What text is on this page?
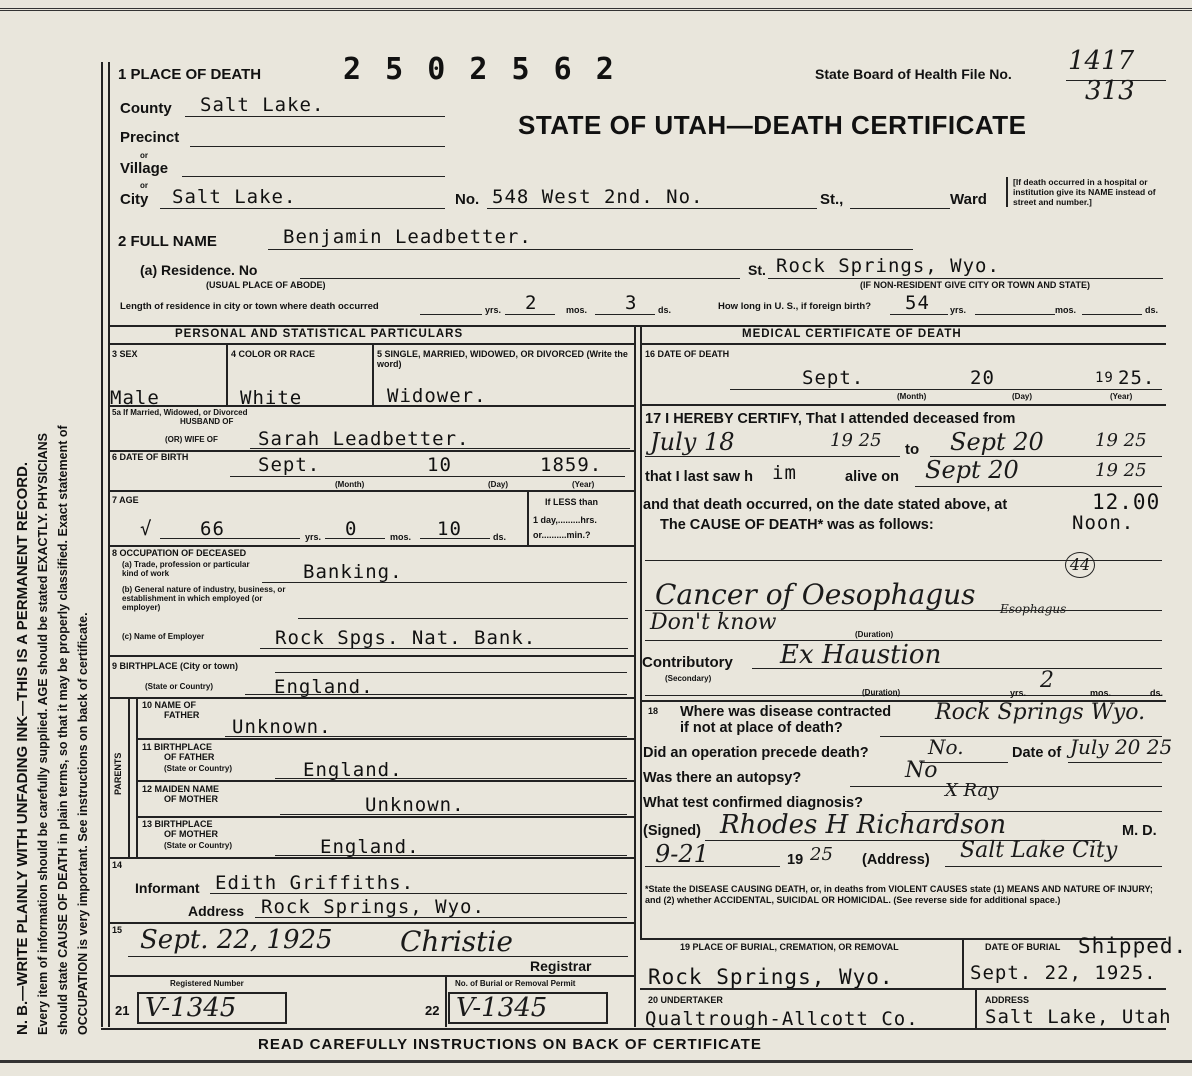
N. B.—WRITE PLAINLY WITH UNFADING INK—THIS IS A PERMANENT RECORD. Every item of information should be carefully supplied. AGE should be stated EXACTLY. PHYSICIANS should state CAUSE OF DEATH in plain terms, so that it may be properly classified. Exact statement of OCCUPATION is very important. See instructions on back of certificate.
1 PLACE OF DEATH	2 5 0 2 5 6 2	State Board of Health File No. 1417
313
STATE OF UTAH—DEATH CERTIFICATE
County Salt Lake.
Precinct
or
Village
or
City Salt Lake.	No. 548 West 2nd. No.	St.,	Ward
[If death occurred in a hospital or institution give its NAME instead of street and number.]
2 FULL NAME	Benjamin Leadbetter.
(a) Residence. No
(USUAL PLACE OF ABODE)
St. Rock Springs, Wyo.
(IF NON-RESIDENT GIVE CITY OR TOWN AND STATE)
Length of residence in city or town where death occurred	yrs. 2	mos. 3 ds.	How long in U. S., if foreign birth? 54 yrs.	mos.	ds.
PERSONAL AND STATISTICAL PARTICULARS	MEDICAL CERTIFICATE OF DEATH
3 SEX
Male
4 COLOR OR RACE
White
5 SINGLE, MARRIED, WIDOWED, OR DIVORCED (Write the word)
Widower.
5a If Married, Widowed, or Divorced
HUSBAND OF
(OR) WIFE OF Sarah Leadbetter.
6 DATE OF BIRTH	Sept.	10	1859.
(Month)	(Day)	(Year)
7 AGE
√	66	yrs. 0	mos. 10	ds.
If LESS than
1 day,.........hrs.
or..........min.?
8 OCCUPATION OF DECEASED
(a) Trade, profession or particular kind of work	Banking.
(b) General nature of industry, business, or establishment in which employed (or employer)
(c) Name of Employer	Rock Spgs. Nat. Bank.
9 BIRTHPLACE (City or town)
(State or Country)	England.
PARENTS
10 NAME OF
FATHER
Unknown.
11 BIRTHPLACE
OF FATHER
(State or Country)	England.
12 MAIDEN NAME
OF MOTHER	Unknown.
13 BIRTHPLACE
OF MOTHER
(State or Country)	England.
14
Informant Edith Griffiths.
Address Rock Springs, Wyo.
15 Sept. 22, 1925 Christie
Registrar
Registered Number	No. of Burial or Removal Permit
21 V-1345	22 V-1345
16 DATE OF DEATH
Sept.	20	19 25.
(Month)	(Day)	(Year)
17 I HEREBY CERTIFY, That I attended deceased from
July 18	19 25 to Sept 20	19 25
that I last saw h im	alive on Sept 20	19 25
and that death occurred, on the date stated above, at	12.00
The CAUSE OF DEATH* was as follows:	Noon.
44
Cancer of Oesophagus Esophagus
Don't know	(Duration)
Contributory
(Secondary)
Ex Haustion
(Duration)	yrs. 2	mos.	ds.
18 Where was disease contracted
if not at place of death?
Rock Springs Wyo.
Did an operation precede death?	No.	Date of July 20 25
Was there an autopsy?	No
What test confirmed diagnosis?
X Ray
(Signed) Rhodes H Richardson	M. D.
9-21	19 25 (Address) Salt Lake City
*State the DISEASE CAUSING DEATH, or, in deaths from VIOLENT CAUSES state (1) MEANS AND NATURE OF INJURY; and (2) whether ACCIDENTAL, SUICIDAL OR HOMICIDAL. (See reverse side for additional space.)
19 PLACE OF BURIAL, CREMATION, OR REMOVAL
Rock Springs, Wyo.
DATE OF BURIAL Shipped.
Sept. 22, 1925.
20 UNDERTAKER	ADDRESS
Qualtrough-Allcott Co.	Salt Lake, Utah
READ CAREFULLY INSTRUCTIONS ON BACK OF CERTIFICATE
